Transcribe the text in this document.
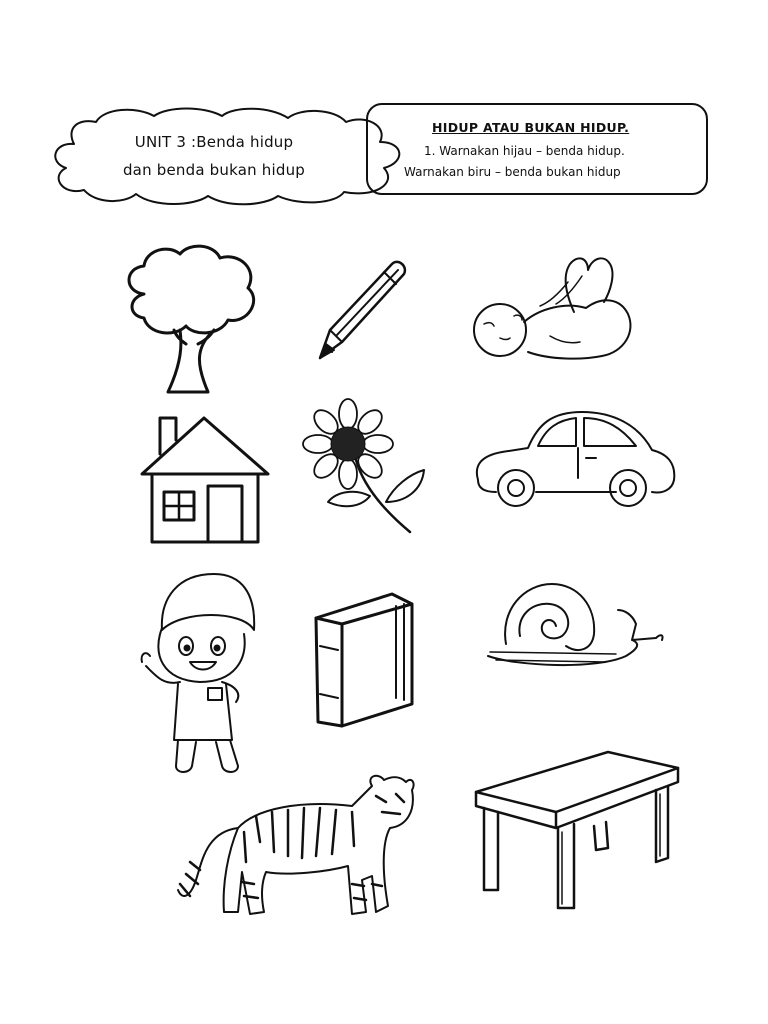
UNIT 3 :Benda hidup
dan benda bukan hidup
HIDUP ATAU BUKAN HIDUP.
1. Warnakan hijau – benda hidup.
Warnakan biru – benda bukan hidup
